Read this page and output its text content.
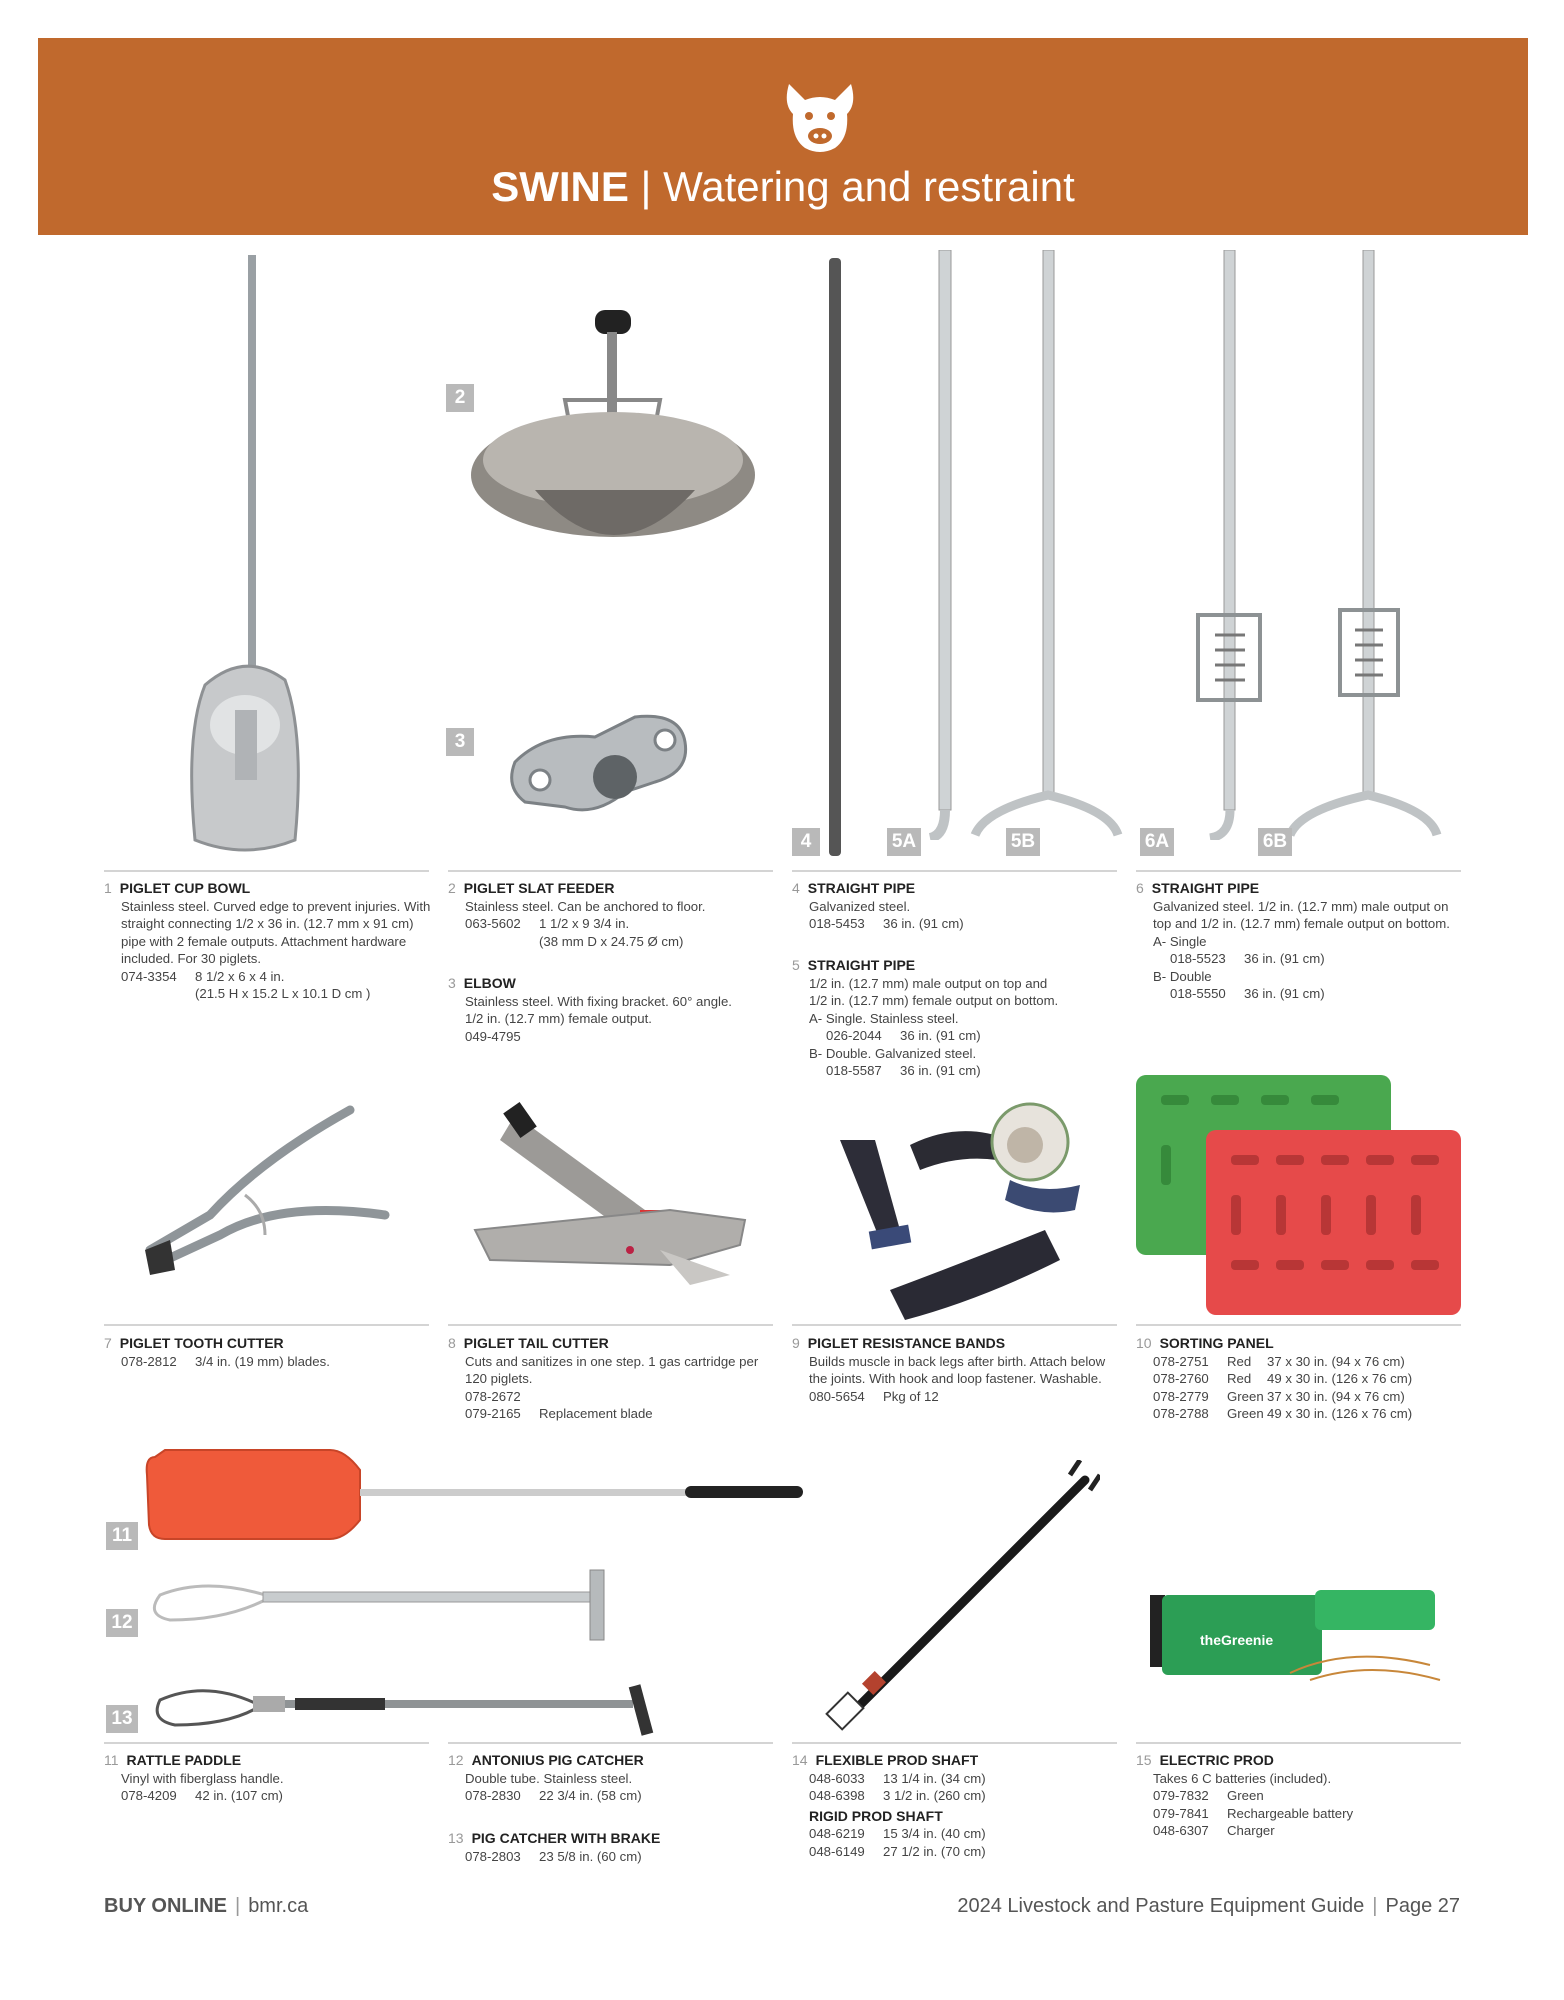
SWINE | Watering and restraint
2
3
4	5A	5B	6A	6B
1 PIGLET CUP BOWL
Stainless steel. Curved edge to prevent injuries. With
straight connecting 1/2 x 36 in. (12.7 mm x 91 cm)
pipe with 2 female outputs. Attachment hardware
included. For 30 piglets.
074-3354	8 1/2 x 6 x 4 in.
(21.5 H x 15.2 L x 10.1 D cm )
2 PIGLET SLAT FEEDER
Stainless steel. Can be anchored to floor.
063-5602	1 1/2 x 9 3/4 in.
(38 mm D x 24.75 Ø cm)
3 ELBOW
Stainless steel. With fixing bracket. 60° angle.
1/2 in. (12.7 mm) female output.
049-4795
4 STRAIGHT PIPE
Galvanized steel.
018-5453	36 in. (91 cm)
5 STRAIGHT PIPE
1/2 in. (12.7 mm) male output on top and
1/2 in. (12.7 mm) female output on bottom.
A- Single. Stainless steel.
026-2044	36 in. (91 cm)
B- Double. Galvanized steel.
018-5587	36 in. (91 cm)
6 STRAIGHT PIPE
Galvanized steel. 1/2 in. (12.7 mm) male output on
top and 1/2 in. (12.7 mm) female output on bottom.
A- Single
018-5523	36 in. (91 cm)
B- Double
018-5550	36 in. (91 cm)
7 PIGLET TOOTH CUTTER
078-2812	3/4 in. (19 mm) blades.
8 PIGLET TAIL CUTTER
Cuts and sanitizes in one step. 1 gas cartridge per
120 piglets.
078-2672
079-2165	Replacement blade
9 PIGLET RESISTANCE BANDS
Builds muscle in back legs after birth. Attach below
the joints. With hook and loop fastener. Washable.
080-5654	Pkg of 12
10 SORTING PANEL
078-2751	Red	37 x 30 in. (94 x 76 cm)
078-2760	Red	49 x 30 in. (126 x 76 cm)
078-2779	Green 37 x 30 in. (94 x 76 cm)
078-2788	Green 49 x 30 in. (126 x 76 cm)
11
12
13
theGreenie
11 RATTLE PADDLE
Vinyl with fiberglass handle.
078-4209	42 in. (107 cm)
12 ANTONIUS PIG CATCHER
Double tube. Stainless steel.
078-2830	22 3/4 in. (58 cm)
13 PIG CATCHER WITH BRAKE
078-2803	23 5/8 in. (60 cm)
14 FLEXIBLE PROD SHAFT
048-6033	13 1/4 in. (34 cm)
048-6398	3 1/2 in. (260 cm)
RIGID PROD SHAFT
048-6219	15 3/4 in. (40 cm)
048-6149	27 1/2 in. (70 cm)
15 ELECTRIC PROD
Takes 6 C batteries (included).
079-7832	Green
079-7841	Rechargeable battery
048-6307	Charger
BUY ONLINE | bmr.ca	2024 Livestock and Pasture Equipment Guide | Page 27
